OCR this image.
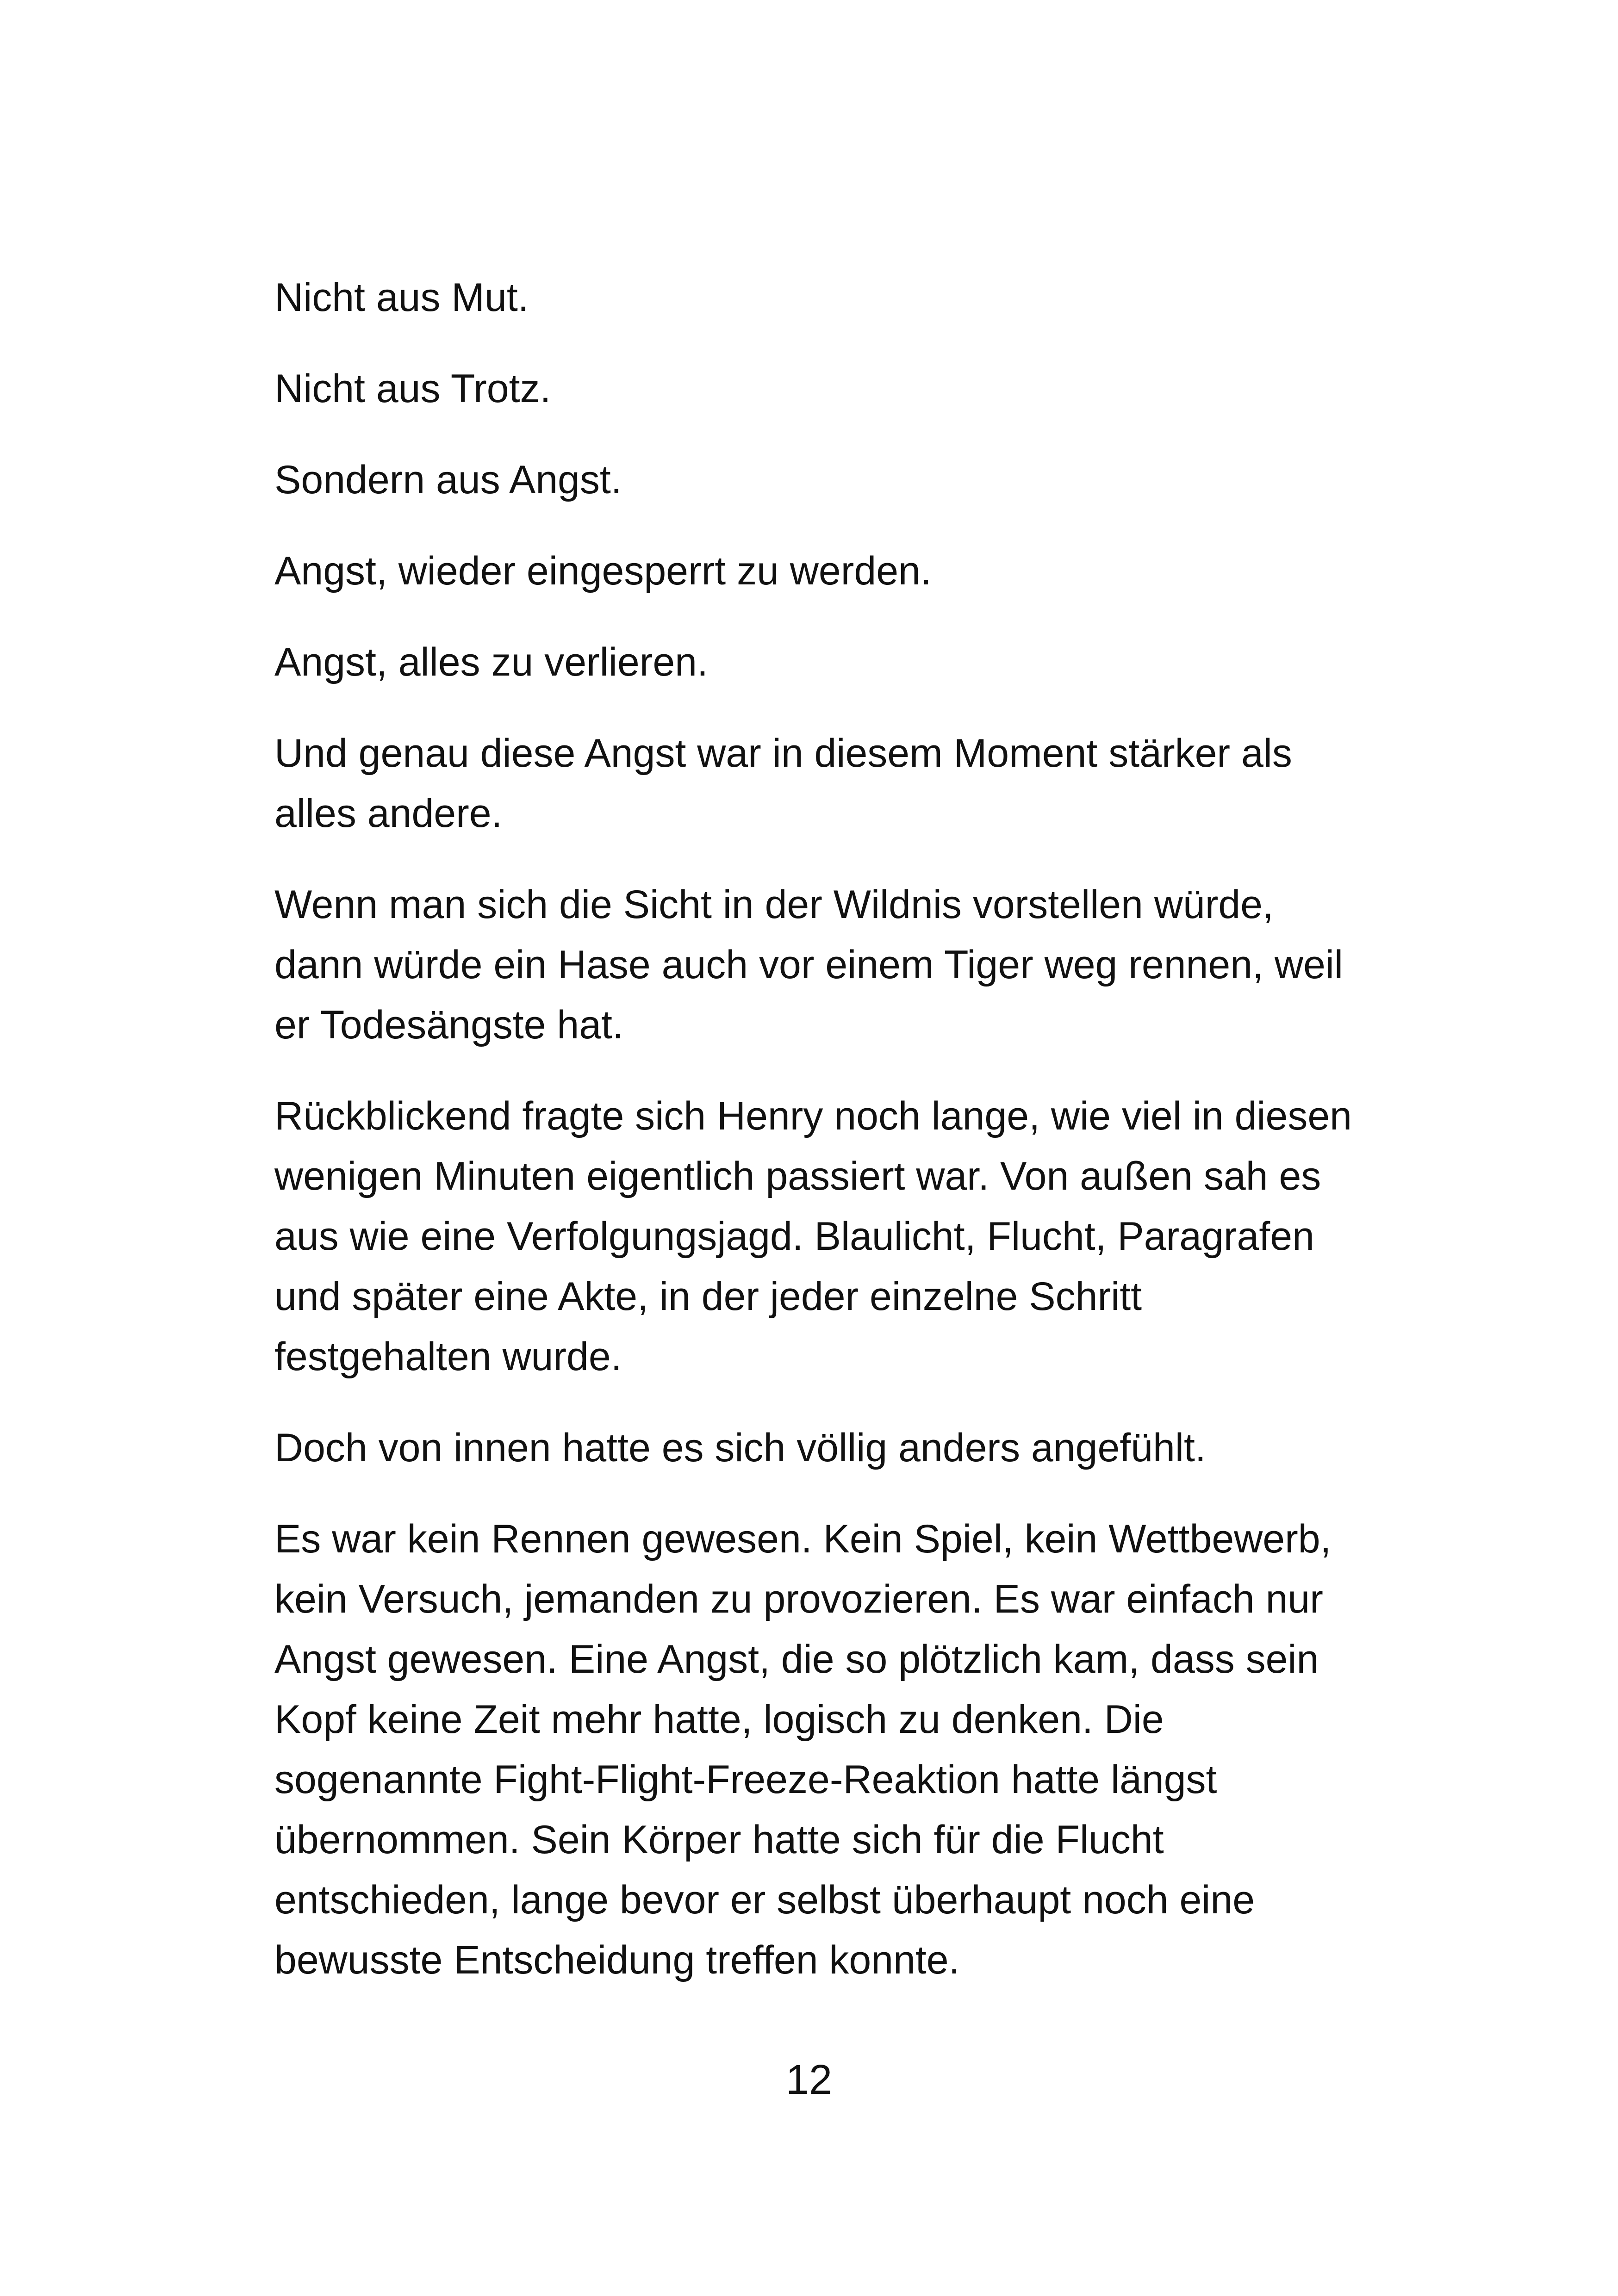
Nicht aus Mut.

Nicht aus Trotz.

Sondern aus Angst.

Angst, wieder eingesperrt zu werden.

Angst, alles zu verlieren.

Und genau diese Angst war in diesem Moment stärker als alles andere.

Wenn man sich die Sicht in der Wildnis vorstellen würde, dann würde ein Hase auch vor einem Tiger weg rennen, weil er Todesängste hat.

Rückblickend fragte sich Henry noch lange, wie viel in diesen wenigen Minuten eigentlich passiert war. Von außen sah es aus wie eine Verfolgungsjagd. Blaulicht, Flucht, Paragrafen und später eine Akte, in der jeder einzelne Schritt festgehalten wurde.

Doch von innen hatte es sich völlig anders angefühlt.

Es war kein Rennen gewesen. Kein Spiel, kein Wettbewerb, kein Versuch, jemanden zu provozieren. Es war einfach nur Angst gewesen. Eine Angst, die so plötzlich kam, dass sein Kopf keine Zeit mehr hatte, logisch zu denken. Die sogenannte Fight-Flight-Freeze-Reaktion hatte längst übernommen. Sein Körper hatte sich für die Flucht entschieden, lange bevor er selbst überhaupt noch eine bewusste Entscheidung treffen konnte.

12
